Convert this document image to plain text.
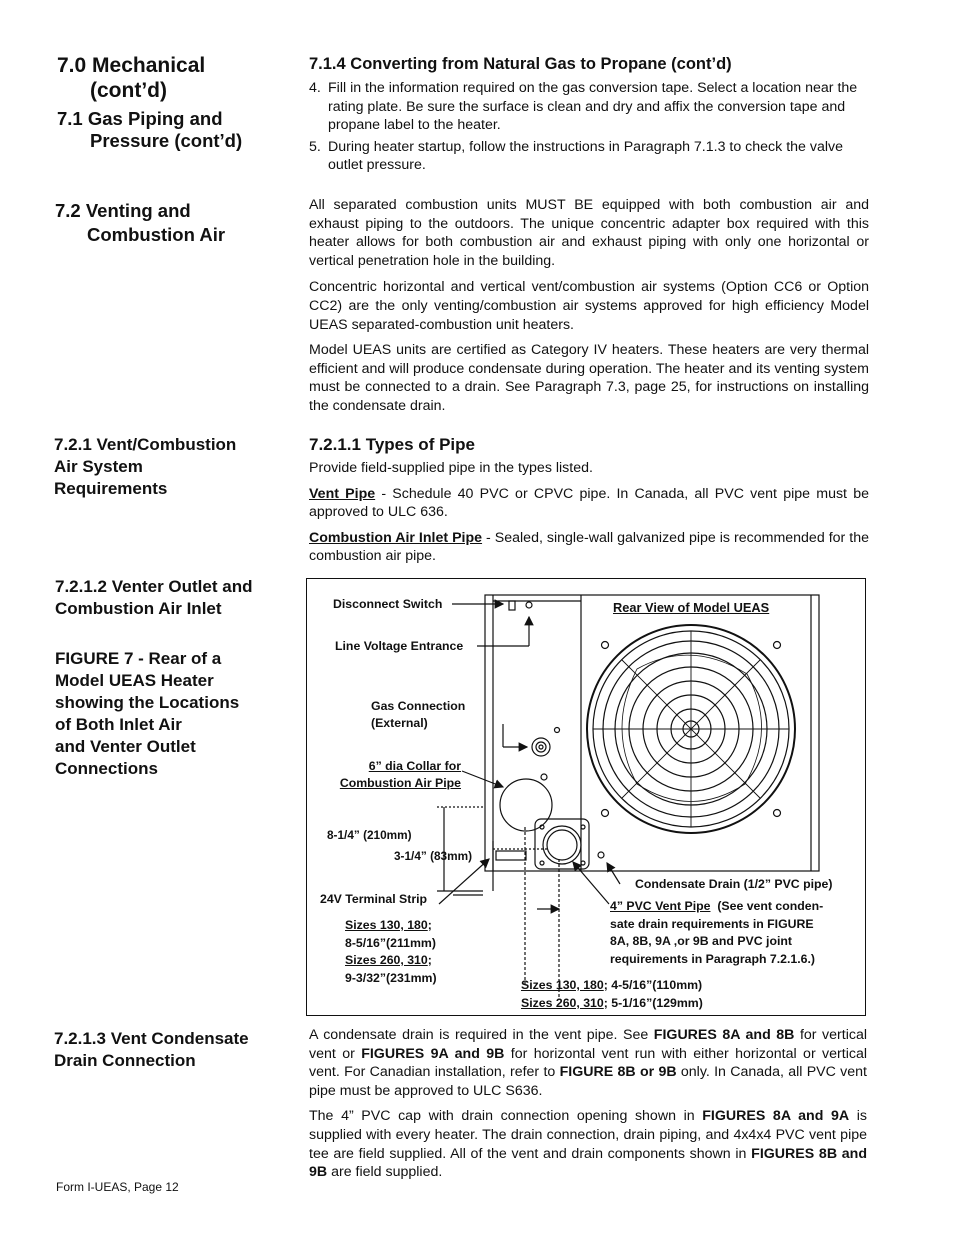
7.0 Mechanical
(cont’d)
7.1 Gas Piping and
Pressure (cont’d)
7.2 Venting and
Combustion Air
7.2.1 Vent/Combustion
Air System
Requirements
7.2.1.2 Venter Outlet and
Combustion Air Inlet
FIGURE 7 - Rear of a
Model UEAS Heater
showing the Locations
of Both Inlet Air
and Venter Outlet
Connections
7.2.1.3 Vent Condensate
Drain Connection
7.1.4 Converting from Natural Gas to Propane (cont’d)
4. Fill in the information required on the gas conversion tape. Select a location near the rating plate. Be sure the surface is clean and dry and affix the conversion tape and propane label to the heater.
5. During heater startup, follow the instructions in Paragraph 7.1.3 to check the valve outlet pressure.

All separated combustion units MUST BE equipped with both combustion air and exhaust piping to the outdoors. The unique concentric adapter box required with this heater allows for both combustion air and exhaust piping with only one horizontal or vertical penetration hole in the building.

Concentric horizontal and vertical vent/combustion air systems (Option CC6 or Option CC2) are the only venting/combustion air systems approved for high efficiency Model UEAS separated-combustion unit heaters.

Model UEAS units are certified as Category IV heaters. These heaters are very thermal efficient and will produce condensate during operation. The heater and its venting system must be connected to a drain. See Paragraph 7.3, page 25, for instructions on installing the condensate drain.

7.2.1.1 Types of Pipe

Provide field-supplied pipe in the types listed.

Vent Pipe - Schedule 40 PVC or CPVC pipe. In Canada, all PVC vent pipe must be approved to ULC 636.

Combustion Air Inlet Pipe - Sealed, single-wall galvanized pipe is recommended for the combustion air pipe.

Disconnect Switch
Line Voltage Entrance
Rear View of Model UEAS
Gas Connection
(External)
6” dia Collar for
Combustion Air Pipe
8-1/4” (210mm)
3-1/4” (83mm)
24V Terminal Strip
Condensate Drain (1/2” PVC pipe)
4” PVC Vent Pipe (See vent conden-
sate drain requirements in FIGURE
8A, 8B, 9A ,or 9B and PVC joint
requirements in Paragraph 7.2.1.6.)
Sizes 130, 180;
8-5/16”(211mm)
Sizes 260, 310;
9-3/32”(231mm)
Sizes 130, 180; 4-5/16”(110mm)
Sizes 260, 310; 5-1/16”(129mm)

A condensate drain is required in the vent pipe. See FIGURES 8A and 8B for vertical vent or FIGURES 9A and 9B for horizontal vent run with either horizontal or vertical vent. For Canadian installation, refer to FIGURE 8B or 9B only. In Canada, all PVC vent pipe must be approved to ULC S636.

The 4” PVC cap with drain connection opening shown in FIGURES 8A and 9A is supplied with every heater. The drain connection, drain piping, and 4x4x4 PVC vent pipe tee are field supplied. All of the vent and drain components shown in FIGURES 8B and 9B are field supplied.

Form I-UEAS, Page 12
